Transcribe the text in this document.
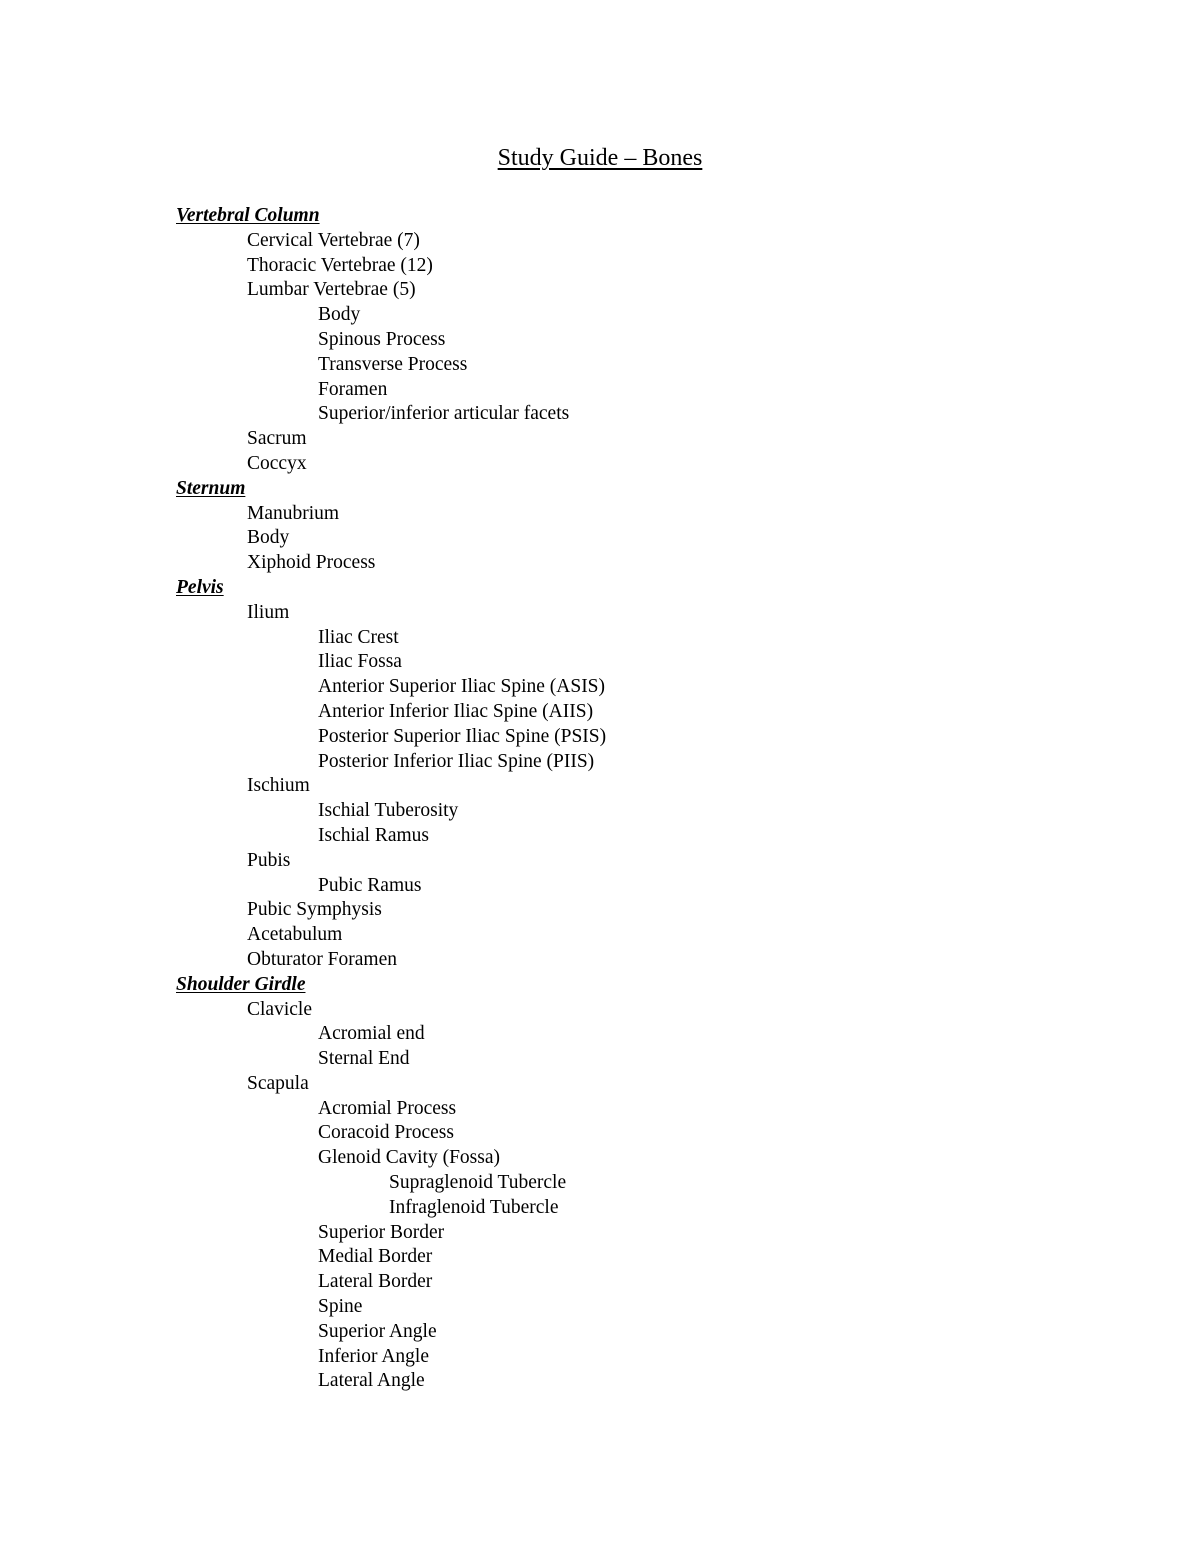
Study Guide – Bones
Vertebral Column
Cervical Vertebrae (7)
Thoracic Vertebrae (12)
Lumbar Vertebrae (5)
Body
Spinous Process
Transverse Process
Foramen
Superior/inferior articular facets
Sacrum
Coccyx
Sternum
Manubrium
Body
Xiphoid Process
Pelvis
Ilium
Iliac Crest
Iliac Fossa
Anterior Superior Iliac Spine (ASIS)
Anterior Inferior Iliac Spine (AIIS)
Posterior Superior Iliac Spine (PSIS)
Posterior Inferior Iliac Spine (PIIS)
Ischium
Ischial Tuberosity
Ischial Ramus
Pubis
Pubic Ramus
Pubic Symphysis
Acetabulum
Obturator Foramen
Shoulder Girdle
Clavicle
Acromial end
Sternal End
Scapula
Acromial Process
Coracoid Process
Glenoid Cavity (Fossa)
Supraglenoid Tubercle
Infraglenoid Tubercle
Superior Border
Medial Border
Lateral Border
Spine
Superior Angle
Inferior Angle
Lateral Angle
